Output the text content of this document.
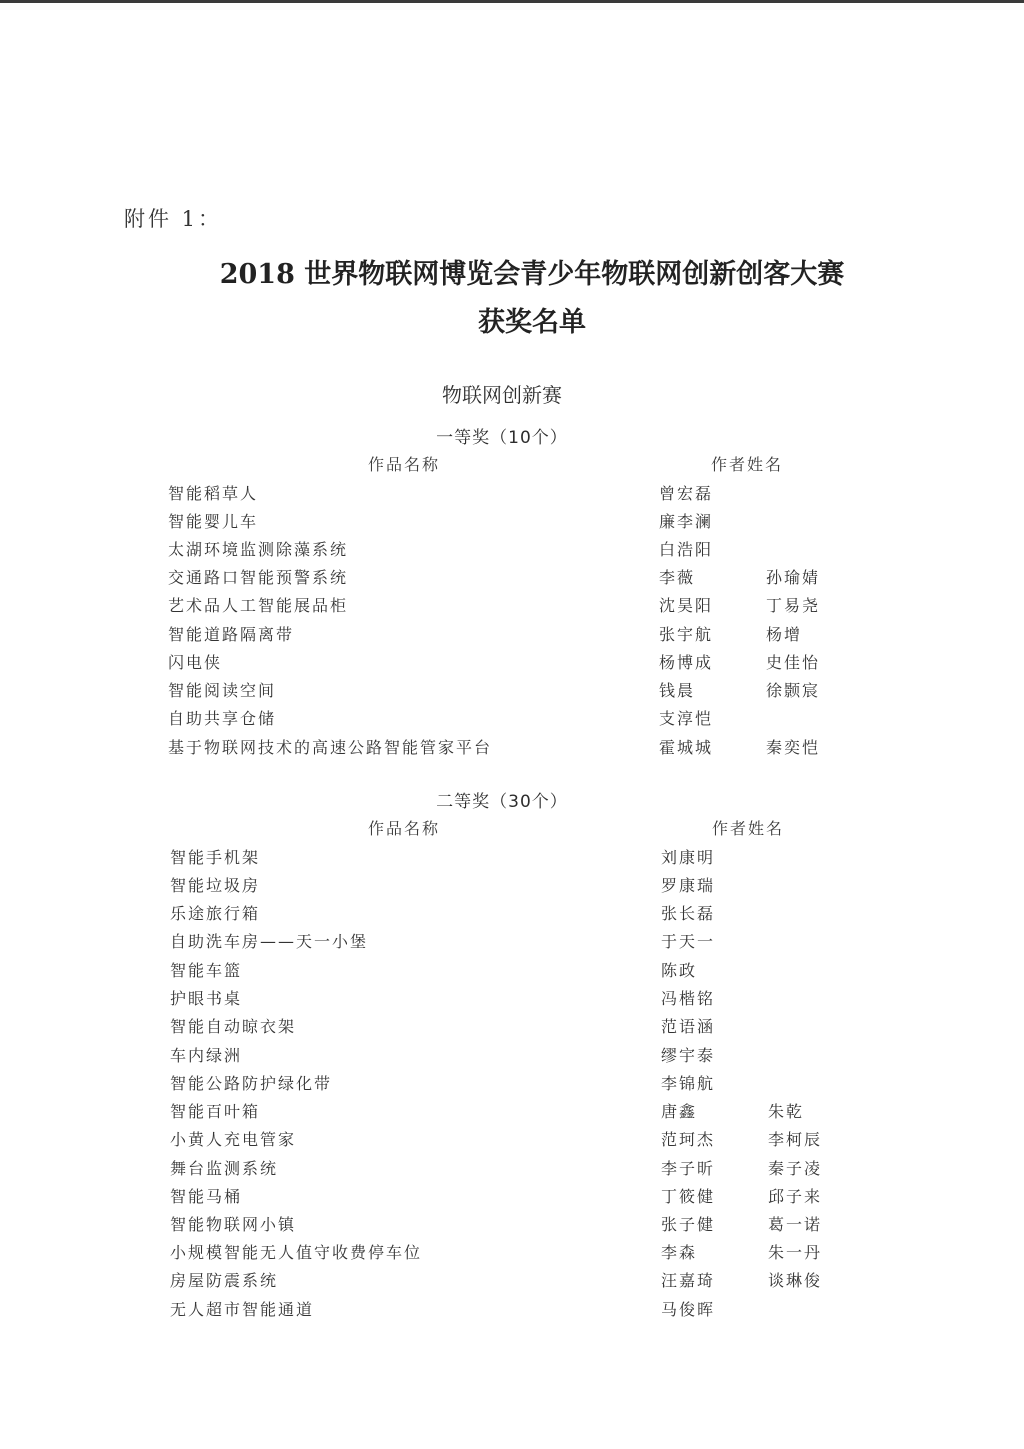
附件 1：
2018 世界物联网博览会青少年物联网创新创客大赛
获奖名单
物联网创新赛
一等奖（10个）
作品名称	作者姓名
智能稻草人	曾宏磊
智能婴儿车	廉李澜
太湖环境监测除藻系统	白浩阳
交通路口智能预警系统	李薇	孙瑜婧
艺术品人工智能展品柜	沈昊阳	丁易尧
智能道路隔离带	张宇航	杨增
闪电侠	杨博成	史佳怡
智能阅读空间	钱晨	徐颢宸
自助共享仓储	支淳恺
基于物联网技术的高速公路智能管家平台	霍城城	秦奕恺
二等奖（30个）
作品名称	作者姓名
智能手机架	刘康明
智能垃圾房	罗康瑞
乐途旅行箱	张长磊
自助洗车房——天一小堡	于天一
智能车篮	陈政
护眼书桌	冯楷铭
智能自动晾衣架	范语涵
车内绿洲	缪宇泰
智能公路防护绿化带	李锦航
智能百叶箱	唐鑫	朱乾
小黄人充电管家	范珂杰	李柯辰
舞台监测系统	李子昕	秦子凌
智能马桶	丁筱健	邱子来
智能物联网小镇	张子健	葛一诺
小规模智能无人值守收费停车位	李森	朱一丹
房屋防震系统	汪嘉琦	谈琳俊
无人超市智能通道	马俊晖
